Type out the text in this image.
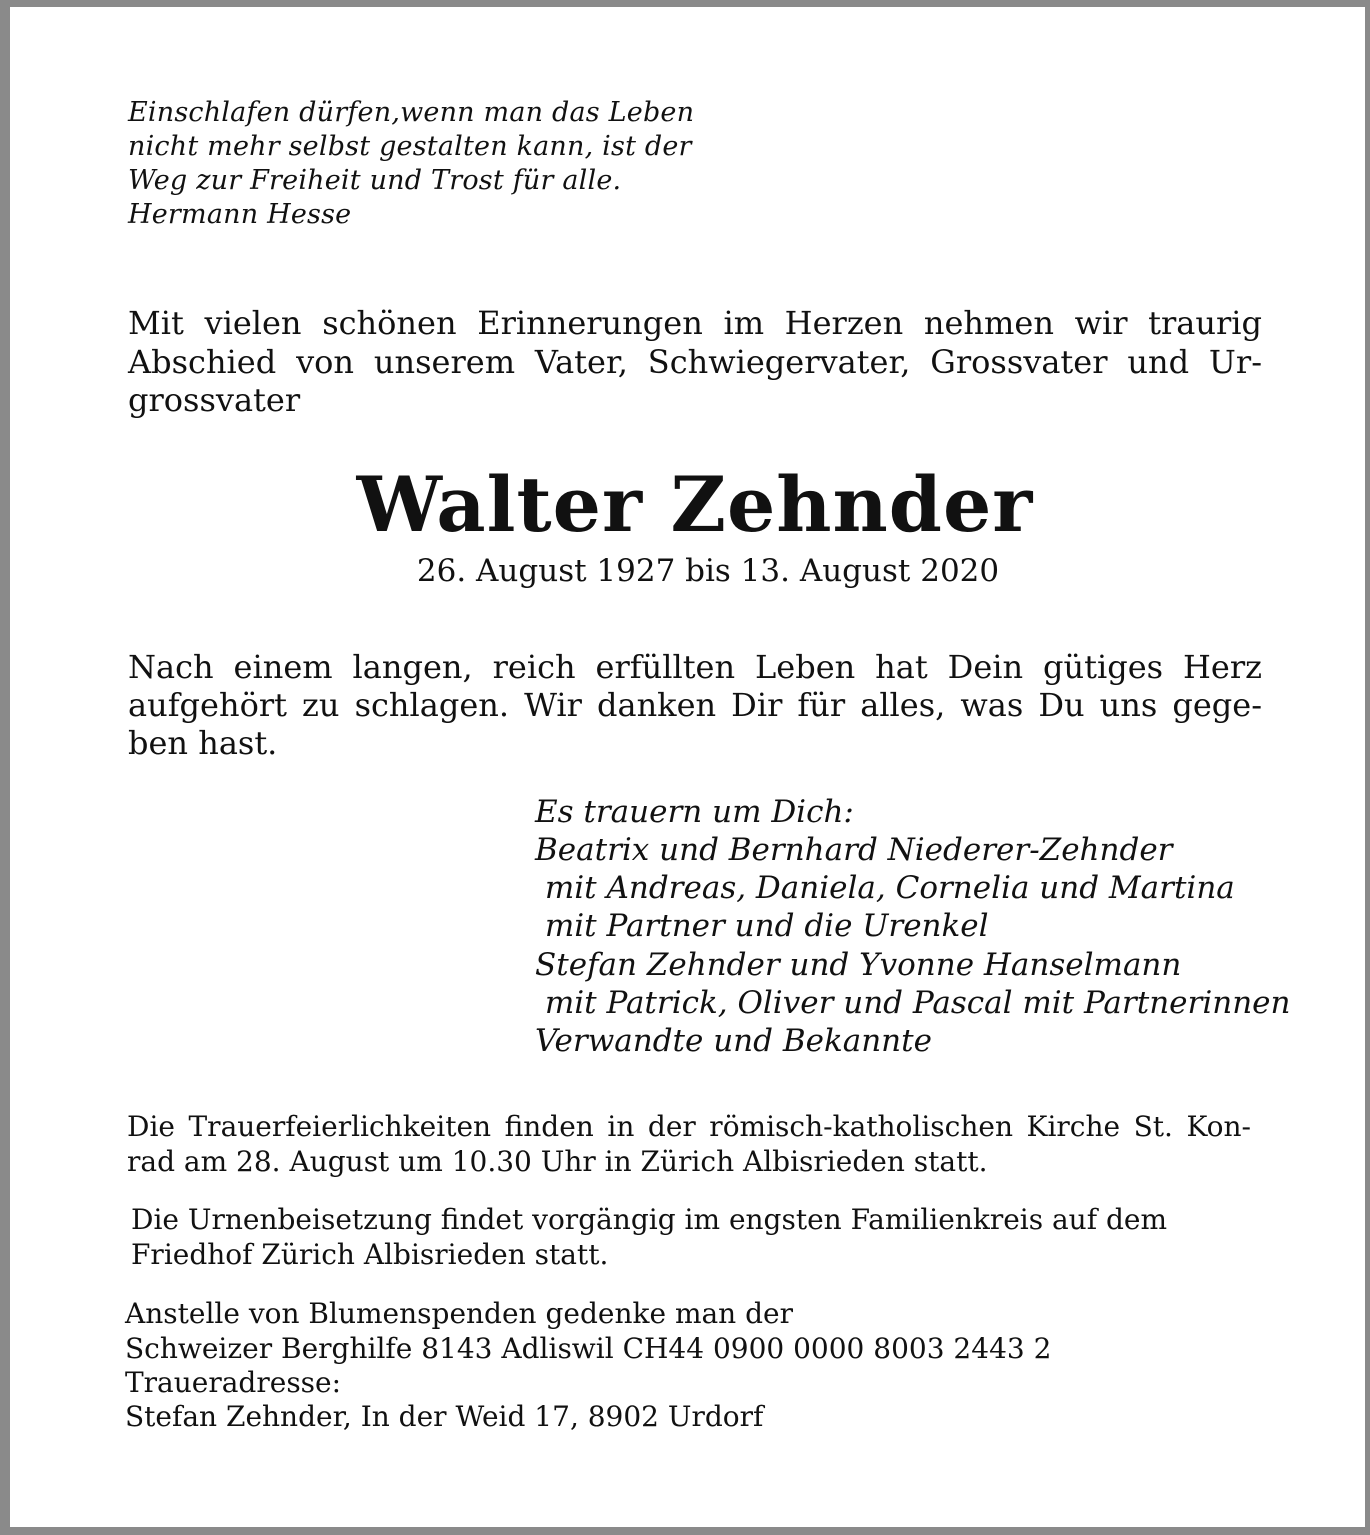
Einschlafen dürfen,wenn man das Leben

nicht mehr selbst gestalten kann, ist der

Weg zur Freiheit und Trost für alle.

Hermann Hesse

Mit vielen schönen Erinnerungen im Herzen nehmen wir traurig

Abschied von unserem Vater, Schwiegervater, Grossvater und Ur-

grossvater

Walter Zehnder

26. August 1927 bis 13. August 2020

Nach einem langen, reich erfüllten Leben hat Dein gütiges Herz

aufgehört zu schlagen. Wir danken Dir für alles, was Du uns gege-

ben hast.

Es trauern um Dich:

Beatrix und Bernhard Niederer-Zehnder

mit Andreas, Daniela, Cornelia und Martina

mit Partner und die Urenkel

Stefan Zehnder und Yvonne Hanselmann

mit Patrick, Oliver und Pascal mit Partnerinnen

Verwandte und Bekannte

Die Trauerfeierlichkeiten finden in der römisch-katholischen Kirche St. Kon-

rad am 28. August um 10.30 Uhr in Zürich Albisrieden statt.

Die Urnenbeisetzung findet vorgängig im engsten Familienkreis auf dem

Friedhof Zürich Albisrieden statt.

Anstelle von Blumenspenden gedenke man der

Schweizer Berghilfe 8143 Adliswil CH44 0900 0000 8003 2443 2

Traueradresse:

Stefan Zehnder, In der Weid 17, 8902 Urdorf
